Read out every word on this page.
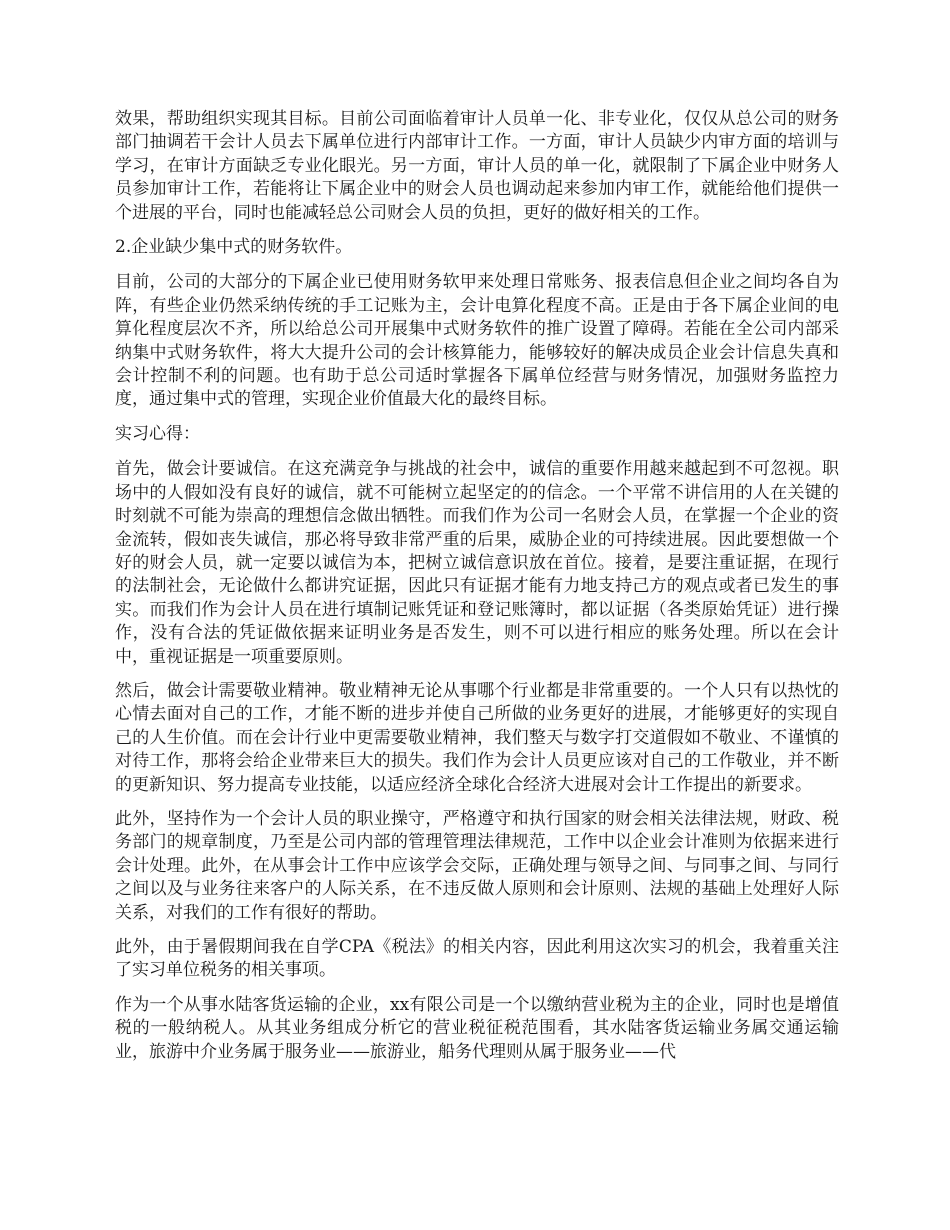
效果，帮助组织实现其目标。目前公司面临着审计人员单一化、非专业化，仅仅从总公司的财务部门抽调若干会计人员去下属单位进行内部审计工作。一方面，审计人员缺少内审方面的培训与学习，在审计方面缺乏专业化眼光。另一方面，审计人员的单一化，就限制了下属企业中财务人员参加审计工作，若能将让下属企业中的财会人员也调动起来参加内审工作，就能给他们提供一个进展的平台，同时也能减轻总公司财会人员的负担，更好的做好相关的工作。

2.企业缺少集中式的财务软件。

目前，公司的大部分的下属企业已使用财务软甲来处理日常账务、报表信息但企业之间均各自为阵，有些企业仍然采纳传统的手工记账为主，会计电算化程度不高。正是由于各下属企业间的电算化程度层次不齐，所以给总公司开展集中式财务软件的推广设置了障碍。若能在全公司内部采纳集中式财务软件，将大大提升公司的会计核算能力，能够较好的解决成员企业会计信息失真和会计控制不利的问题。也有助于总公司适时掌握各下属单位经营与财务情况，加强财务监控力度，通过集中式的管理，实现企业价值最大化的最终目标。

实习心得：

首先，做会计要诚信。在这充满竞争与挑战的社会中，诚信的重要作用越来越起到不可忽视。职场中的人假如没有良好的诚信，就不可能树立起坚定的的信念。一个平常不讲信用的人在关键的时刻就不可能为崇高的理想信念做出牺牲。而我们作为公司一名财会人员，在掌握一个企业的资金流转，假如丧失诚信，那必将导致非常严重的后果，威胁企业的可持续进展。因此要想做一个好的财会人员，就一定要以诚信为本，把树立诚信意识放在首位。接着，是要注重证据，在现行的法制社会，无论做什么都讲究证据，因此只有证据才能有力地支持己方的观点或者已发生的事实。而我们作为会计人员在进行填制记账凭证和登记账簿时，都以证据（各类原始凭证）进行操作，没有合法的凭证做依据来证明业务是否发生，则不可以进行相应的账务处理。所以在会计中，重视证据是一项重要原则。

然后，做会计需要敬业精神。敬业精神无论从事哪个行业都是非常重要的。一个人只有以热忱的心情去面对自己的工作，才能不断的进步并使自己所做的业务更好的进展，才能够更好的实现自己的人生价值。而在会计行业中更需要敬业精神，我们整天与数字打交道假如不敬业、不谨慎的对待工作，那将会给企业带来巨大的损失。我们作为会计人员更应该对自己的工作敬业，并不断的更新知识、努力提高专业技能，以适应经济全球化合经济大进展对会计工作提出的新要求。

此外，坚持作为一个会计人员的职业操守，严格遵守和执行国家的财会相关法律法规，财政、税务部门的规章制度，乃至是公司内部的管理管理法律规范，工作中以企业会计准则为依据来进行会计处理。此外，在从事会计工作中应该学会交际，正确处理与领导之间、与同事之间、与同行之间以及与业务往来客户的人际关系，在不违反做人原则和会计原则、法规的基础上处理好人际关系，对我们的工作有很好的帮助。

此外，由于暑假期间我在自学CPA《税法》的相关内容，因此利用这次实习的机会，我着重关注了实习单位税务的相关事项。

作为一个从事水陆客货运输的企业，xx有限公司是一个以缴纳营业税为主的企业，同时也是增值税的一般纳税人。从其业务组成分析它的营业税征税范围看，其水陆客货运输业务属交通运输业，旅游中介业务属于服务业——旅游业，船务代理则从属于服务业——代
